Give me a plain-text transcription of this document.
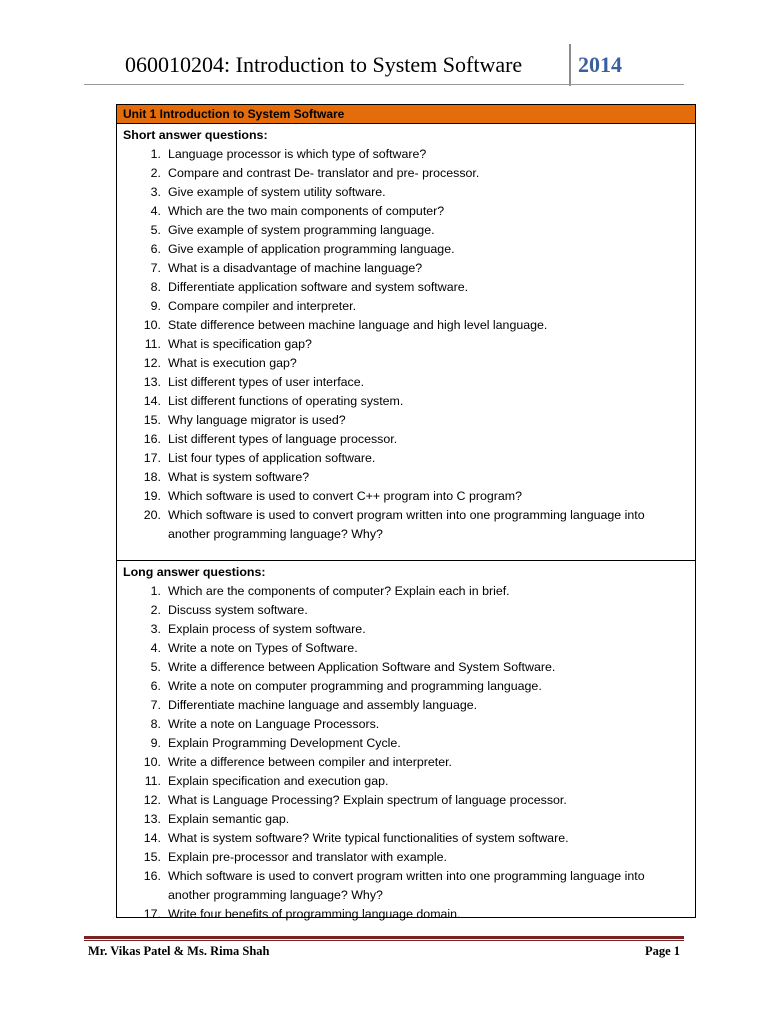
060010204: Introduction to System Software	2014
Unit 1 Introduction to System Software
Short answer questions:
1. Language processor is which type of software?
2. Compare and contrast De- translator and pre- processor.
3. Give example of system utility software.
4. Which are the two main components of computer?
5. Give example of system programming language.
6. Give example of application programming language.
7. What is a disadvantage of machine language?
8. Differentiate application software and system software.
9. Compare compiler and interpreter.
10. State difference between machine language and high level language.
11. What is specification gap?
12. What is execution gap?
13. List different types of user interface.
14. List different functions of operating system.
15. Why language migrator is used?
16. List different types of language processor.
17. List four types of application software.
18. What is system software?
19. Which software is used to convert C++ program into C program?
20. Which software is used to convert program written into one programming language into another programming language? Why?
Long answer questions:
1. Which are the components of computer? Explain each in brief.
2. Discuss system software.
3. Explain process of system software.
4. Write a note on Types of Software.
5. Write a difference between Application Software and System Software.
6. Write a note on computer programming and programming language.
7. Differentiate machine language and assembly language.
8. Write a note on Language Processors.
9. Explain Programming Development Cycle.
10. Write a difference between compiler and interpreter.
11. Explain specification and execution gap.
12. What is Language Processing? Explain spectrum of language processor.
13. Explain semantic gap.
14. What is system software? Write typical functionalities of system software.
15. Explain pre-processor and translator with example.
16. Which software is used to convert program written into one programming language into another programming language? Why?
17. Write four benefits of programming language domain.
Mr. Vikas Patel & Ms. Rima Shah	Page 1
